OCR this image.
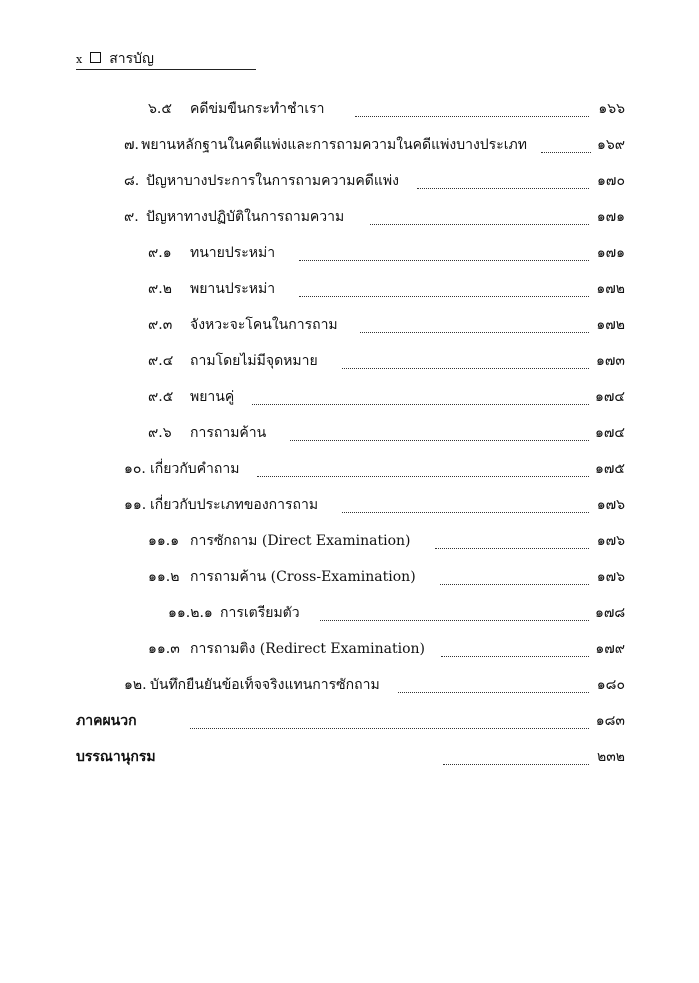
x สารบัญ
๖.๕	คดีข่มขืนกระทำชำเรา	๑๖๖
๗. พยานหลักฐานในคดีแพ่งและการถามความในคดีแพ่งบางประเภท	๑๖๙
๘. ปัญหาบางประการในการถามความคดีแพ่ง	๑๗๐
๙. ปัญหาทางปฏิบัติในการถามความ	๑๗๑
๙.๑	ทนายประหม่า	๑๗๑
๙.๒	พยานประหม่า	๑๗๒
๙.๓	จังหวะจะโคนในการถาม	๑๗๒
๙.๔	ถามโดยไม่มีจุดหมาย	๑๗๓
๙.๕	พยานคู่	๑๗๔
๙.๖	การถามค้าน	๑๗๔
๑๐. เกี่ยวกับคำถาม	๑๗๕
๑๑. เกี่ยวกับประเภทของการถาม	๑๗๖
๑๑.๑ การซักถาม (Direct Examination)	๑๗๖
๑๑.๒ การถามค้าน (Cross-Examination)	๑๗๖
๑๑.๒.๑ การเตรียมตัว	๑๗๘
๑๑.๓ การถามติง (Redirect Examination)	๑๗๙
๑๒. บันทึกยืนยันข้อเท็จจริงแทนการซักถาม	๑๘๐
ภาคผนวก	๑๘๓
บรรณานุกรม	๒๓๒
